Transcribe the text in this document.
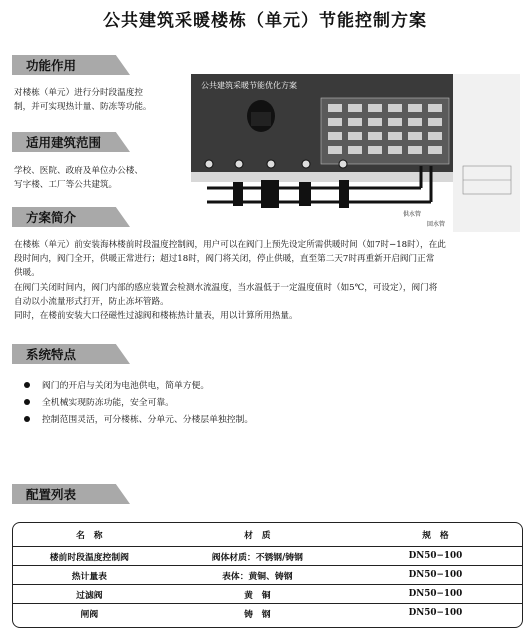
公共建筑采暖楼栋（单元）节能控制方案
功能作用
对楼栋（单元）进行分时段温度控
制，并可实现热计量、防冻等功能。
适用建筑范围
学校、医院、政府及单位办公楼、
写字楼、工厂等公共建筑。
方案简介
公共建筑采暖节能优化方案
供水管
回水管
在楼栋（单元）前安装海林楼前时段温度控制阀，用户可以在阀门上预先设定所需供暖时间（如7时−18时），在此
段时间内，阀门全开，供暖正常进行；超过18时，阀门将关闭，停止供暖，直至第二天7时再重新开启阀门正常
供暖。
在阀门关闭时间内，阀门内部的感应装置会检测水流温度，当水温低于一定温度值时（如5℃，可设定），阀门将
自动以小流量形式打开，防止冻坏管路。
同时，在楼前安装大口径磁性过滤阀和楼栋热计量表，用以计算所用热量。
系统特点
阀门的开启与关闭为电池供电，简单方便。
全机械实现防冻功能，安全可靠。
控制范围灵活，可分楼栋、分单元、分楼层单独控制。
配置列表
名　称	材　质	规　格
楼前时段温度控制阀	阀体材质：不锈钢/铸钢	DN50−100
热计量表	表体：黄铜、铸钢	DN50−100
过滤阀	黄　铜	DN50−100
闸阀	铸　钢	DN50−100
